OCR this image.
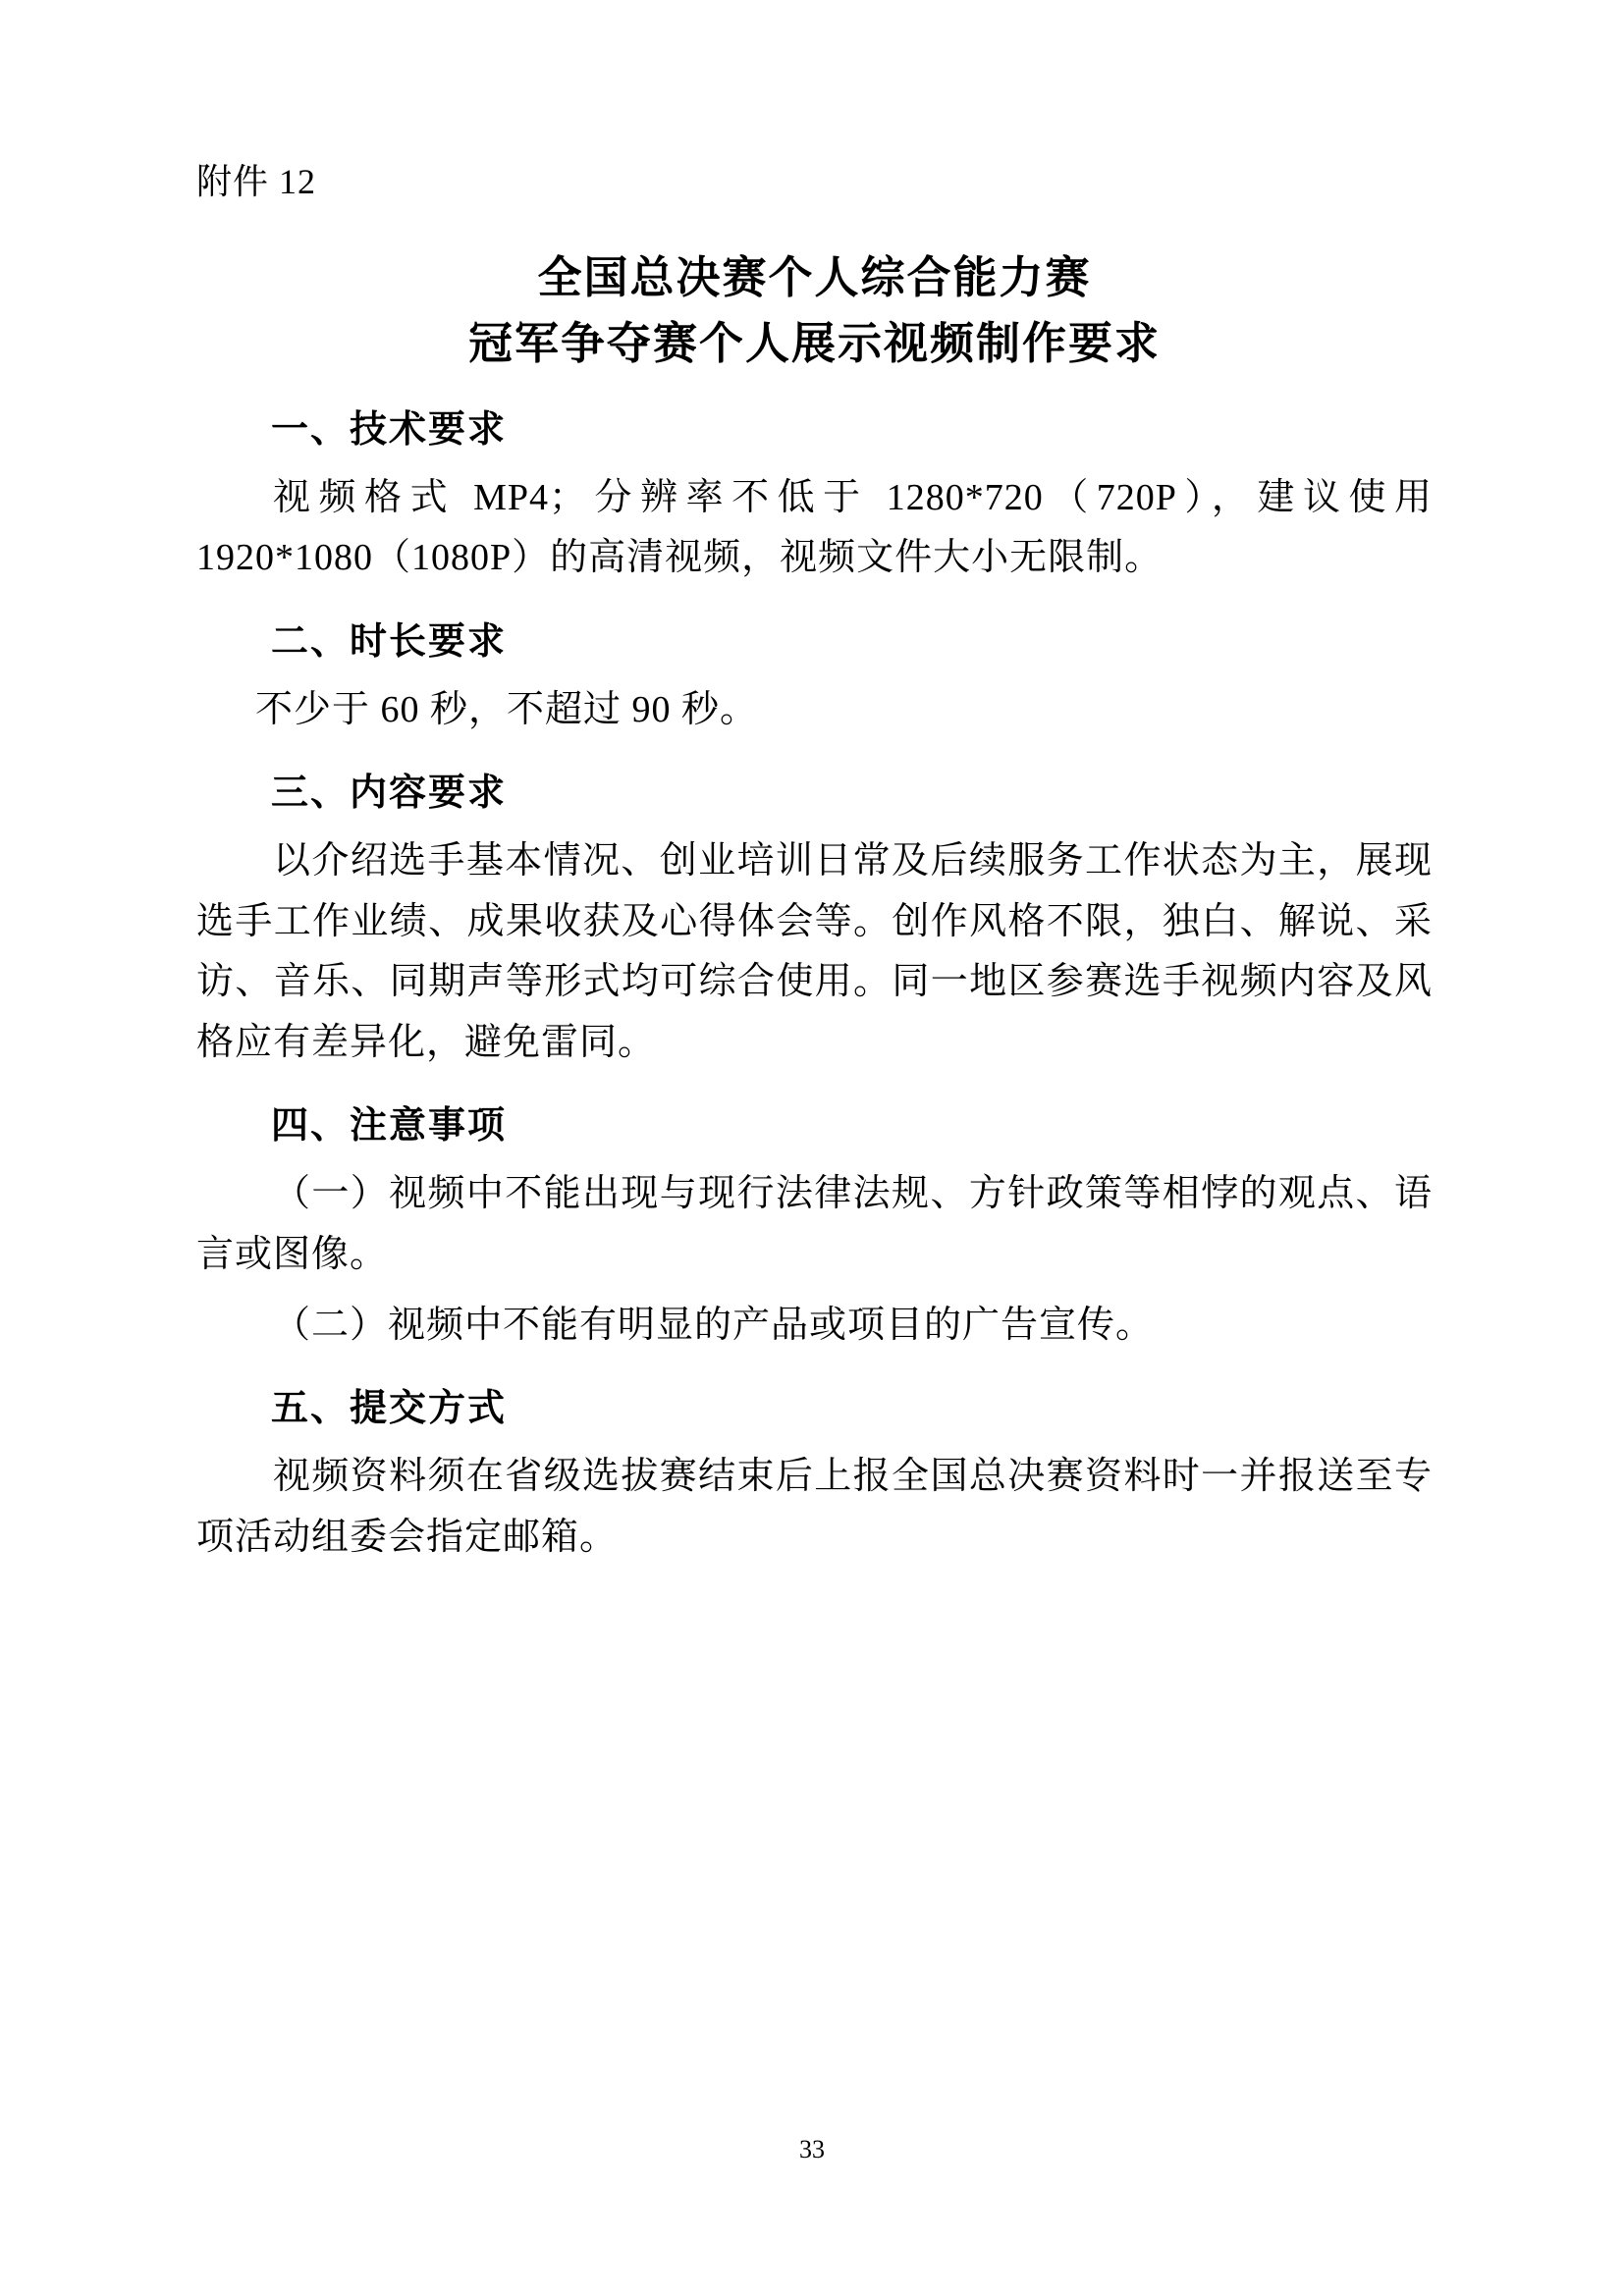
附件 12
全国总决赛个人综合能力赛
冠军争夺赛个人展示视频制作要求
一、技术要求
视频格式 MP4；分辨率不低于 1280*720（720P），建议使用 1920*1080（1080P）的高清视频，视频文件大小无限制。
二、时长要求
不少于 60 秒，不超过 90 秒。
三、内容要求
以介绍选手基本情况、创业培训日常及后续服务工作状态为主，展现选手工作业绩、成果收获及心得体会等。创作风格不限，独白、解说、采访、音乐、同期声等形式均可综合使用。同一地区参赛选手视频内容及风格应有差异化，避免雷同。
四、注意事项
（一）视频中不能出现与现行法律法规、方针政策等相悖的观点、语言或图像。
（二）视频中不能有明显的产品或项目的广告宣传。
五、提交方式
视频资料须在省级选拔赛结束后上报全国总决赛资料时一并报送至专项活动组委会指定邮箱。
33
